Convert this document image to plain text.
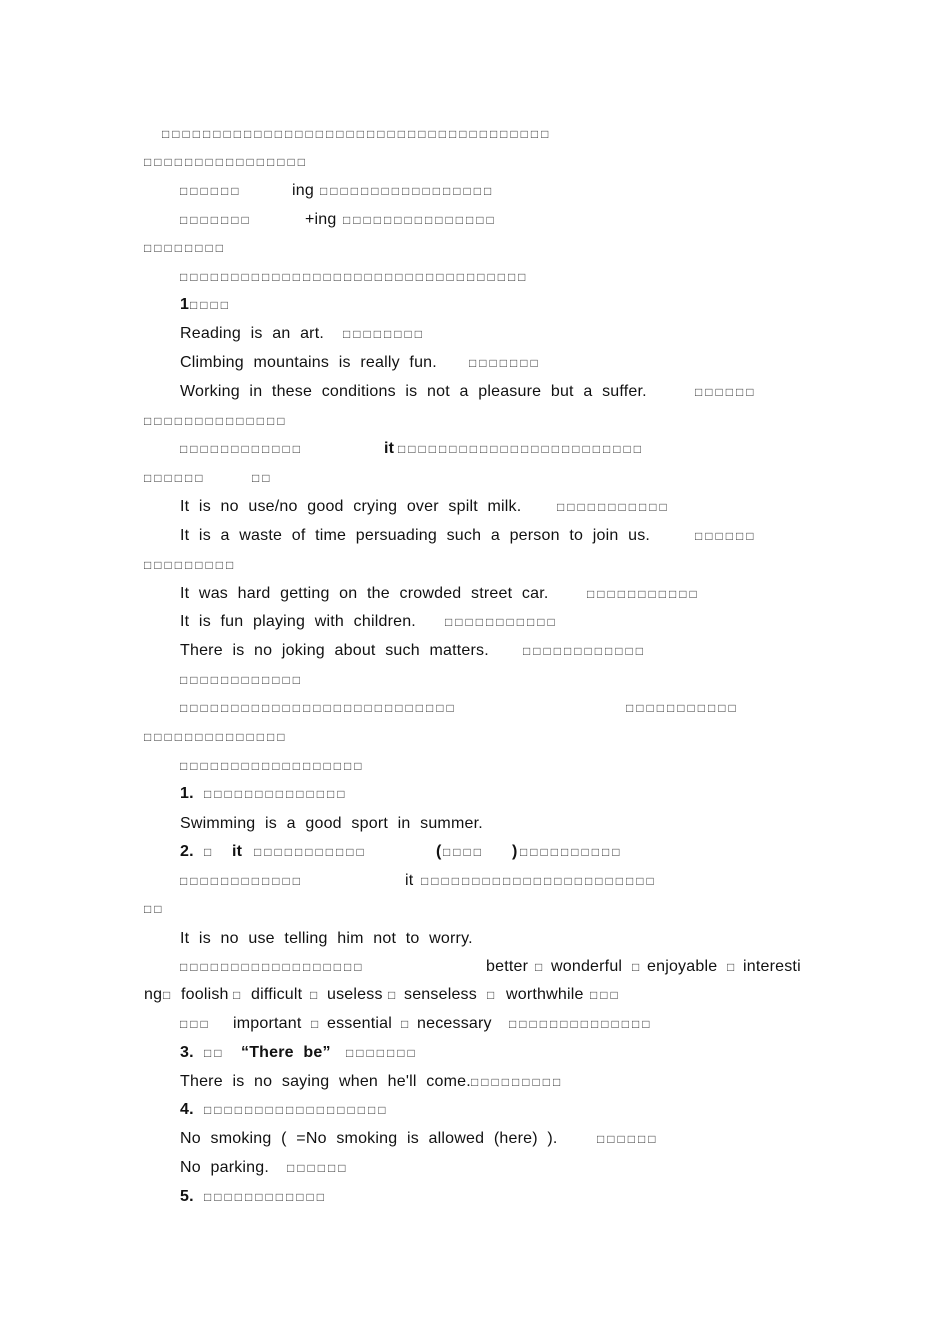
□□□□□□□□□□□□□□□□□□□□□□□□□□□□□□□□□□□□□□
□□□□□□□□□□□□□□□□
□□□□□□	ing □□□□□□□□□□□□□□□□□
□□□□□□□	+ing □□□□□□□□□□□□□□□
□□□□□□□□
□□□□□□□□□□□□□□□□□□□□□□□□□□□□□□□□□□
1 □□□□
Reading is an art. □□□□□□□□
Climbing mountains is really fun.	□□□□□□□
Working in these conditions is not a pleasure but a suffer.	□□□□□□
□□□□□□□□□□□□□□
□□□□□□□□□□□□	it □□□□□□□□□□□□□□□□□□□□□□□□
□□□□□□	□□
It is no use/no good crying over spilt milk.	□□□□□□□□□□□
It is a waste of time persuading such a person to join us.	□□□□□□
□□□□□□□□□
It was hard getting on the crowded street car.	□□□□□□□□□□□
It is fun playing with children. □□□□□□□□□□□
There is no joking about such matters.	□□□□□□□□□□□□
□□□□□□□□□□□□
□□□□□□□□□□□□□□□□□□□□□□□□□□□	□□□□□□□□□□□
□□□□□□□□□□□□□□
□□□□□□□□□□□□□□□□□□
1. □□□□□□□□□□□□□□
Swimming is a good sport in summer.
2. □ it □□□□□□□□□□□	( □□□□ ) □□□□□□□□□□
□□□□□□□□□□□□	it □□□□□□□□□□□□□□□□□□□□□□□
□□
It is no use telling him not to worry.
□□□□□□□□□□□□□□□□□□	better □ wonderful □ enjoyable □ interesti
ng □ foolish □ difficult □ useless □ senseless □ worthwhile □□□
□□□ important □ essential □ necessary □□□□□□□□□□□□□□
3. □□ “There be” □□□□□□□
There is no saying when he'll come. □□□□□□□□□
4. □□□□□□□□□□□□□□□□□□
No smoking ( =No smoking is allowed (here) ).	□□□□□□
No parking. □□□□□□
5. □□□□□□□□□□□□
